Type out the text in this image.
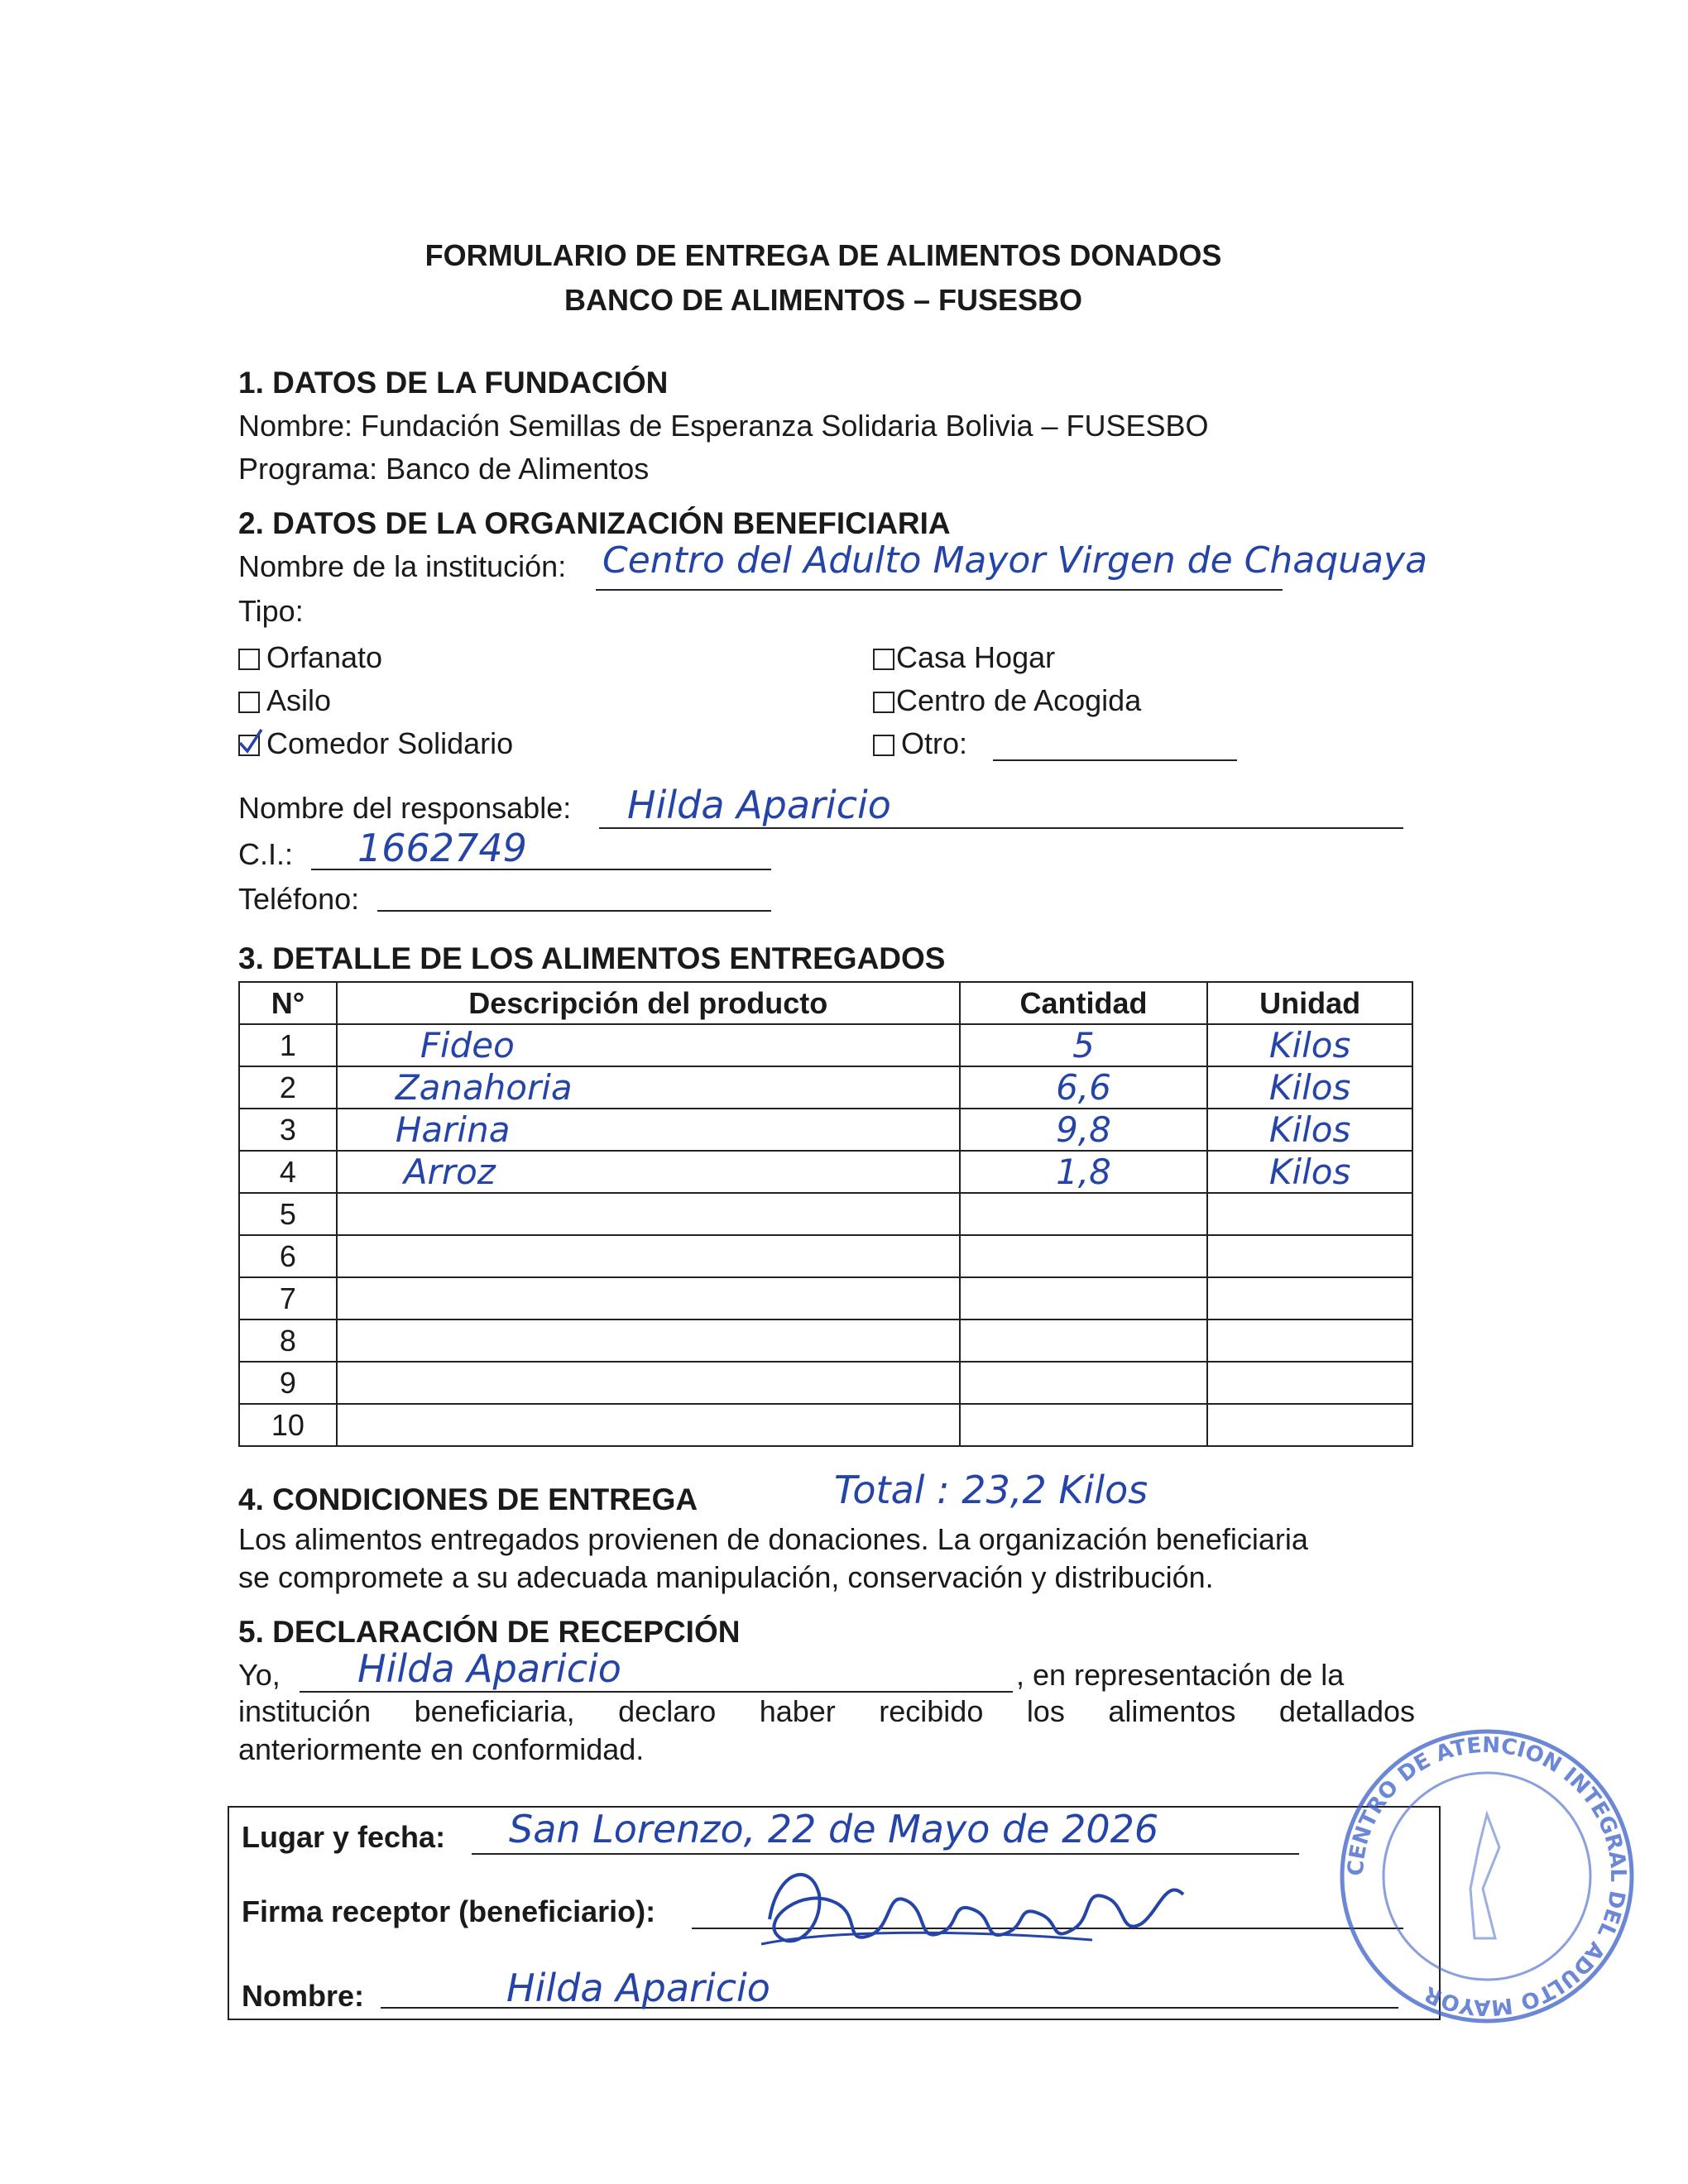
FORMULARIO DE ENTREGA DE ALIMENTOS DONADOS
BANCO DE ALIMENTOS – FUSESBO
1. DATOS DE LA FUNDACIÓN
Nombre: Fundación Semillas de Esperanza Solidaria Bolivia – FUSESBO
Programa: Banco de Alimentos
2. DATOS DE LA ORGANIZACIÓN BENEFICIARIA
Nombre de la institución: Centro del Adulto Mayor Virgen de Chaquaya
Tipo:
Orfanato
Asilo
Comedor Solidario
Casa Hogar
Centro de Acogida
Otro:
Nombre del responsable: Hilda Aparicio
C.I.: 1662749
Teléfono:
3. DETALLE DE LOS ALIMENTOS ENTREGADOS
N°	Descripción del producto	Cantidad	Unidad
1	Fideo	5	Kilos
2	Zanahoria	6,6	Kilos
3	Harina	9,8	Kilos
4	Arroz	1,8	Kilos
5			
6			
7			
8			
9			
10			
4. CONDICIONES DE ENTREGA	Total : 23,2 Kilos
Los alimentos entregados provienen de donaciones. La organización beneficiaria
se compromete a su adecuada manipulación, conservación y distribución.
5. DECLARACIÓN DE RECEPCIÓN
Yo, Hilda Aparicio	, en representación de la
institución beneficiaria, declaro haber recibido los alimentos detallados
anteriormente en conformidad.
Lugar y fecha: San Lorenzo, 22 de Mayo de 2026
Firma receptor (beneficiario):
Nombre:	Hilda Aparicio
CENTRO DE ATENCION INTEGRAL DEL ADULTO MAYOR
